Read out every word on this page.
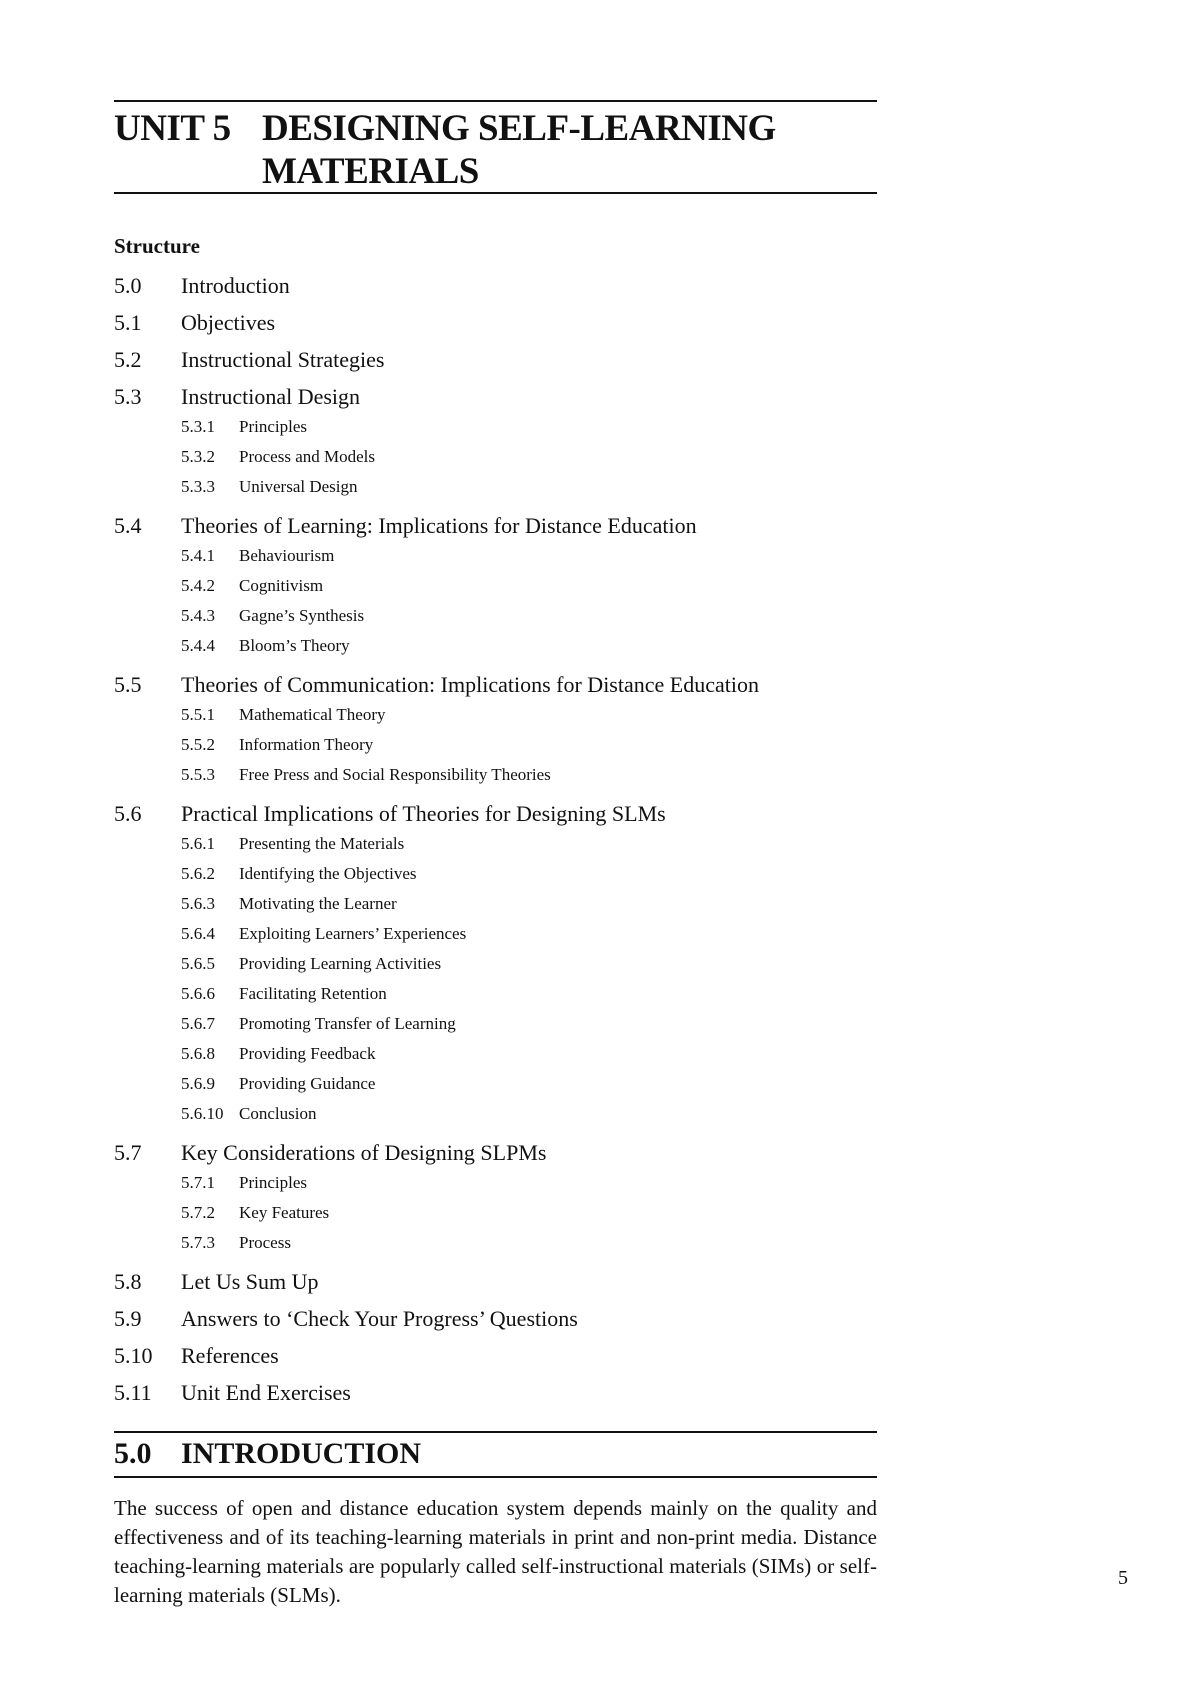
UNIT 5 DESIGNING SELF-LEARNING
MATERIALS
Structure
5.0 Introduction
5.1 Objectives
5.2 Instructional Strategies
5.3 Instructional Design
5.3.1 Principles
5.3.2 Process and Models
5.3.3 Universal Design
5.4 Theories of Learning: Implications for Distance Education
5.4.1 Behaviourism
5.4.2 Cognitivism
5.4.3 Gagne’s Synthesis
5.4.4 Bloom’s Theory
5.5 Theories of Communication: Implications for Distance Education
5.5.1 Mathematical Theory
5.5.2 Information Theory
5.5.3 Free Press and Social Responsibility Theories
5.6 Practical Implications of Theories for Designing SLMs
5.6.1 Presenting the Materials
5.6.2 Identifying the Objectives
5.6.3 Motivating the Learner
5.6.4 Exploiting Learners’ Experiences
5.6.5 Providing Learning Activities
5.6.6 Facilitating Retention
5.6.7 Promoting Transfer of Learning
5.6.8 Providing Feedback
5.6.9 Providing Guidance
5.6.10 Conclusion
5.7 Key Considerations of Designing SLPMs
5.7.1 Principles
5.7.2 Key Features
5.7.3 Process
5.8 Let Us Sum Up
5.9 Answers to ‘Check Your Progress’ Questions
5.10 References
5.11 Unit End Exercises
5.0 INTRODUCTION
The success of open and distance education system depends mainly on the quality and effectiveness and of its teaching-learning materials in print and non-print media. Distance teaching-learning materials are popularly called self-instructional materials (SIMs) or self-learning materials (SLMs).
5
